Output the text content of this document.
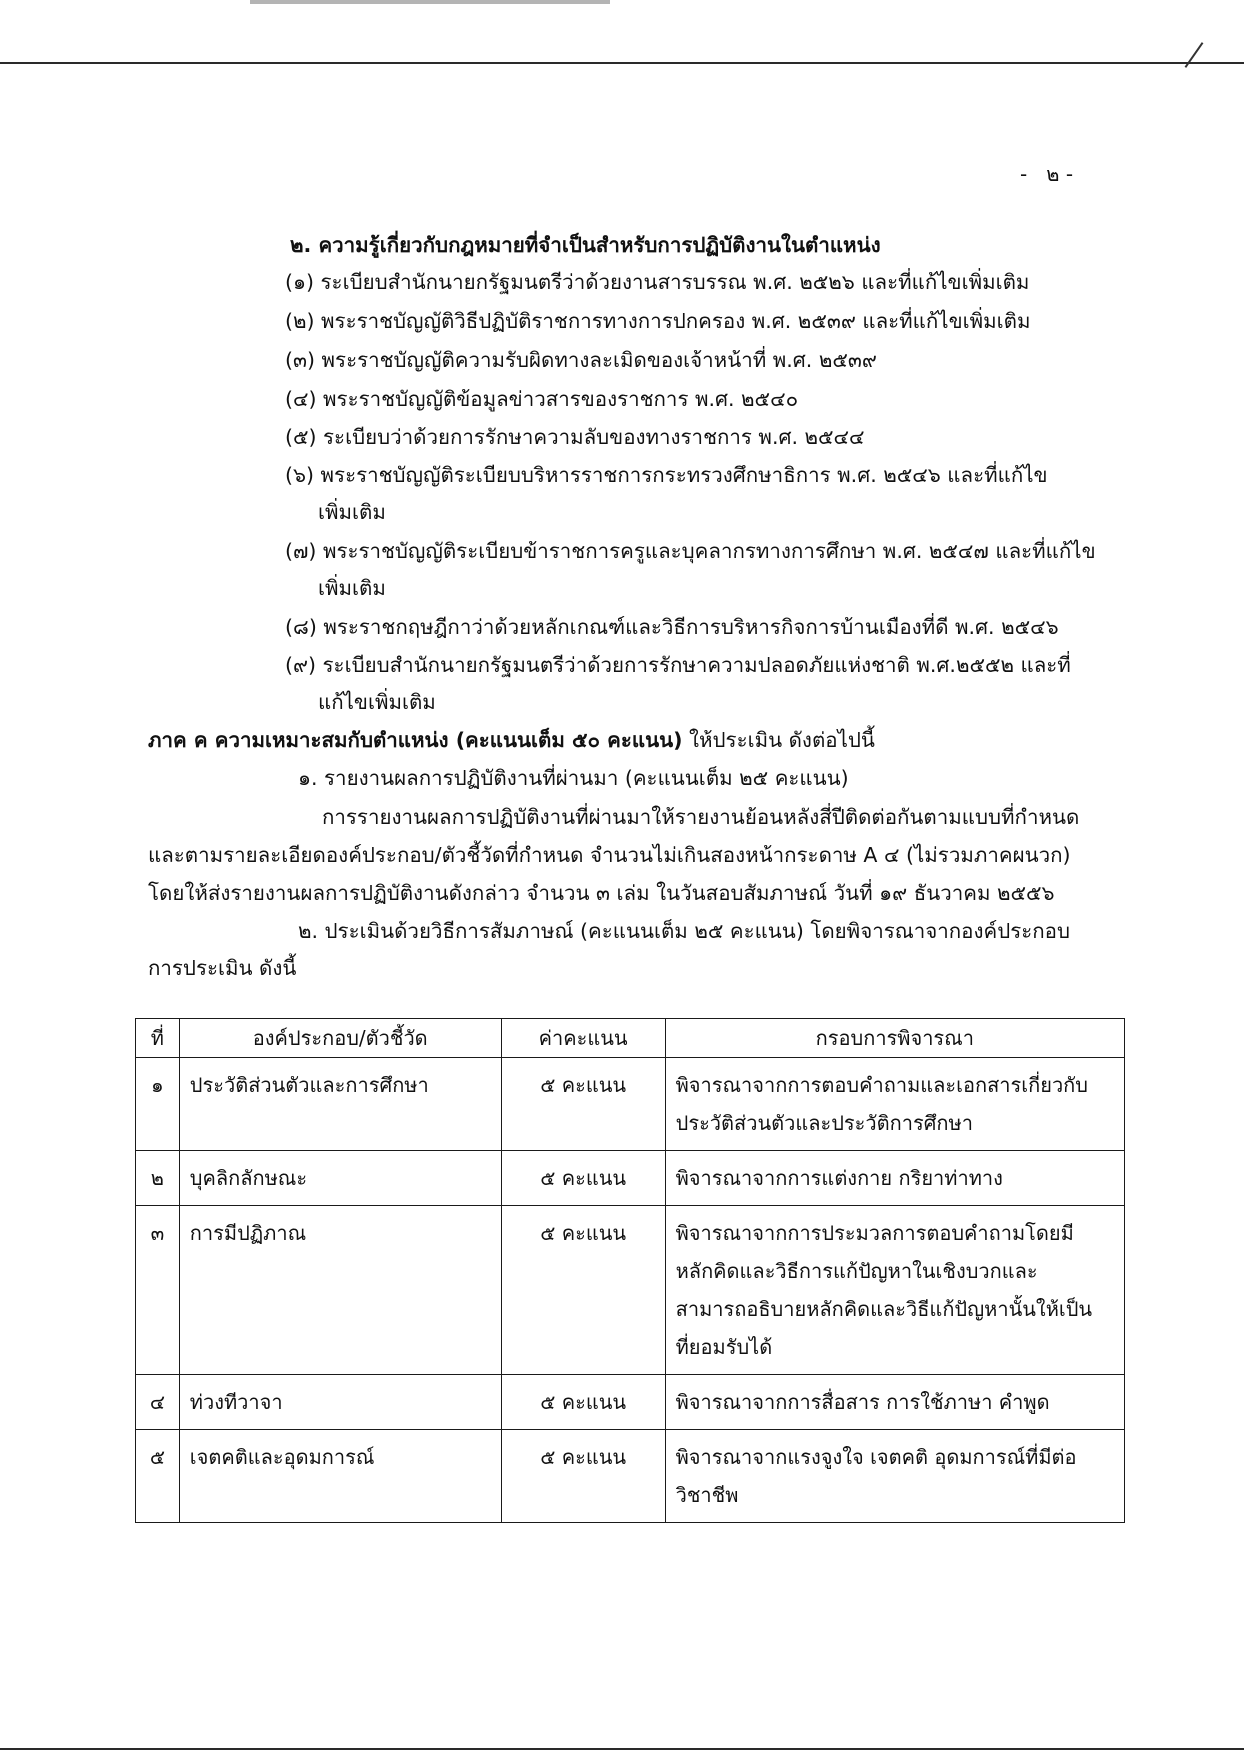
-   ๒ -
๒. ความรู้เกี่ยวกับกฎหมายที่จำเป็นสำหรับการปฏิบัติงานในตำแหน่ง
(๑) ระเบียบสำนักนายกรัฐมนตรีว่าด้วยงานสารบรรณ พ.ศ. ๒๕๒๖ และที่แก้ไขเพิ่มเติม
(๒) พระราชบัญญัติวิธีปฏิบัติราชการทางการปกครอง พ.ศ. ๒๕๓๙ และที่แก้ไขเพิ่มเติม
(๓) พระราชบัญญัติความรับผิดทางละเมิดของเจ้าหน้าที่ พ.ศ. ๒๕๓๙
(๔) พระราชบัญญัติข้อมูลข่าวสารของราชการ พ.ศ. ๒๕๔๐
(๕) ระเบียบว่าด้วยการรักษาความลับของทางราชการ พ.ศ. ๒๕๔๔
(๖) พระราชบัญญัติระเบียบบริหารราชการกระทรวงศึกษาธิการ พ.ศ. ๒๕๔๖ และที่แก้ไข
เพิ่มเติม
(๗) พระราชบัญญัติระเบียบข้าราชการครูและบุคลากรทางการศึกษา พ.ศ. ๒๕๔๗ และที่แก้ไข
เพิ่มเติม
(๘) พระราชกฤษฎีกาว่าด้วยหลักเกณฑ์และวิธีการบริหารกิจการบ้านเมืองที่ดี พ.ศ. ๒๕๔๖
(๙) ระเบียบสำนักนายกรัฐมนตรีว่าด้วยการรักษาความปลอดภัยแห่งชาติ พ.ศ.๒๕๕๒ และที่
แก้ไขเพิ่มเติม
ภาค ค ความเหมาะสมกับตำแหน่ง (คะแนนเต็ม ๕๐ คะแนน) ให้ประเมิน ดังต่อไปนี้
๑. รายงานผลการปฏิบัติงานที่ผ่านมา (คะแนนเต็ม ๒๕ คะแนน)
การรายงานผลการปฏิบัติงานที่ผ่านมาให้รายงานย้อนหลังสี่ปีติดต่อกันตามแบบที่กำหนด
และตามรายละเอียดองค์ประกอบ/ตัวชี้วัดที่กำหนด จำนวนไม่เกินสองหน้ากระดาษ A ๔ (ไม่รวมภาคผนวก)
โดยให้ส่งรายงานผลการปฏิบัติงานดังกล่าว จำนวน ๓ เล่ม ในวันสอบสัมภาษณ์ วันที่ ๑๙ ธันวาคม ๒๕๕๖
๒. ประเมินด้วยวิธีการสัมภาษณ์ (คะแนนเต็ม ๒๕ คะแนน) โดยพิจารณาจากองค์ประกอบ
การประเมิน ดังนี้
ที่	องค์ประกอบ/ตัวชี้วัด	ค่าคะแนน	กรอบการพิจารณา
๑	ประวัติส่วนตัวและการศึกษา	๕ คะแนน	พิจารณาจากการตอบคำถามและเอกสารเกี่ยวกับ
ประวัติส่วนตัวและประวัติการศึกษา

๒	บุคลิกลักษณะ	๕ คะแนน	พิจารณาจากการแต่งกาย กริยาท่าทาง

๓	การมีปฏิภาณ	๕ คะแนน	พิจารณาจากการประมวลการตอบคำถามโดยมี
หลักคิดและวิธีการแก้ปัญหาในเชิงบวกและ
สามารถอธิบายหลักคิดและวิธีแก้ปัญหานั้นให้เป็น
ที่ยอมรับได้

๔	ท่วงทีวาจา	๕ คะแนน	พิจารณาจากการสื่อสาร การใช้ภาษา คำพูด

๕	เจตคติและอุดมการณ์	๕ คะแนน	พิจารณาจากแรงจูงใจ เจตคติ อุดมการณ์ที่มีต่อ
วิชาชีพ
